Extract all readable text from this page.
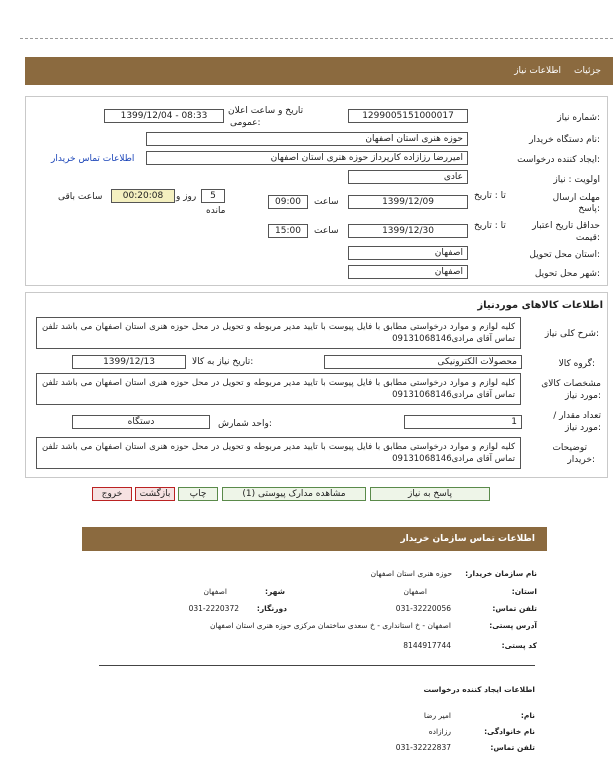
جزئیات
اطلاعات نیاز
شماره نیاز:
1299005151000017
تاریخ و ساعت اعلان
عمومی:
1399/12/04 - 08:33
نام دستگاه خریدار:
حوزه هنری استان اصفهان
ایجاد کننده درخواست:
امیررضا رزازاده کارپرداز حوزه هنری استان اصفهان
اطلاعات تماس خریدار
اولویت : نیاز
عادی
مهلت ارسال
پاسخ:
تا : تاریخ
1399/12/09
ساعت
09:00
5
روز و
مانده
00:20:08
ساعت باقی
حداقل تاریخ اعتبار
قیمت:
تا : تاریخ
1399/12/30
ساعت
15:00
استان محل تحویل:
اصفهان
شهر محل تحویل:
اصفهان
اطلاعات کالاهای موردنیاز
شرح کلی نیاز:
کلیه لوازم و موارد درخواستی مطابق با فایل پیوست با تایید مدیر مربوطه و تحویل در محل حوزه هنری استان اصفهان می باشد تلفن تماس آقای مرادی09131068146
گروه کالا:
محصولات الکترونیکی
تاریخ نیاز به کالا:
1399/12/13
مشخصات کالای
مورد نیاز:
کلیه لوازم و موارد درخواستی مطابق با فایل پیوست با تایید مدیر مربوطه و تحویل در محل حوزه هنری استان اصفهان می باشد تلفن تماس آقای مرادی09131068146
/ تعداد مقدار
مورد نیاز:
1
واحد شمارش:
دستگاه
توضیحات
خریدار:
کلیه لوازم و موارد درخواستی مطابق با فایل پیوست با تایید مدیر مربوطه و تحویل در محل حوزه هنری استان اصفهان می باشد تلفن تماس آقای مرادی09131068146
پاسخ به نیاز
مشاهده مدارک پیوستی (1)
چاپ
بازگشت
خروج
اطلاعات تماس سازمان خریدار
نام سازمان خریدار:
حوزه هنری استان اصفهان
استان:
اصفهان
شهر:
اصفهان
تلفن تماس:
031-32220056
دورنگار:
031-2220372
آدرس پستی:
اصفهان - خ استانداری - خ سعدی ساختمان مرکزی حوزه هنری استان اصفهان
کد پستی:
8144917744
اطلاعات ایجاد کننده درخواست
نام:
امیر رضا
نام خانوادگی:
رزازاده
تلفن تماس:
031-32222837
